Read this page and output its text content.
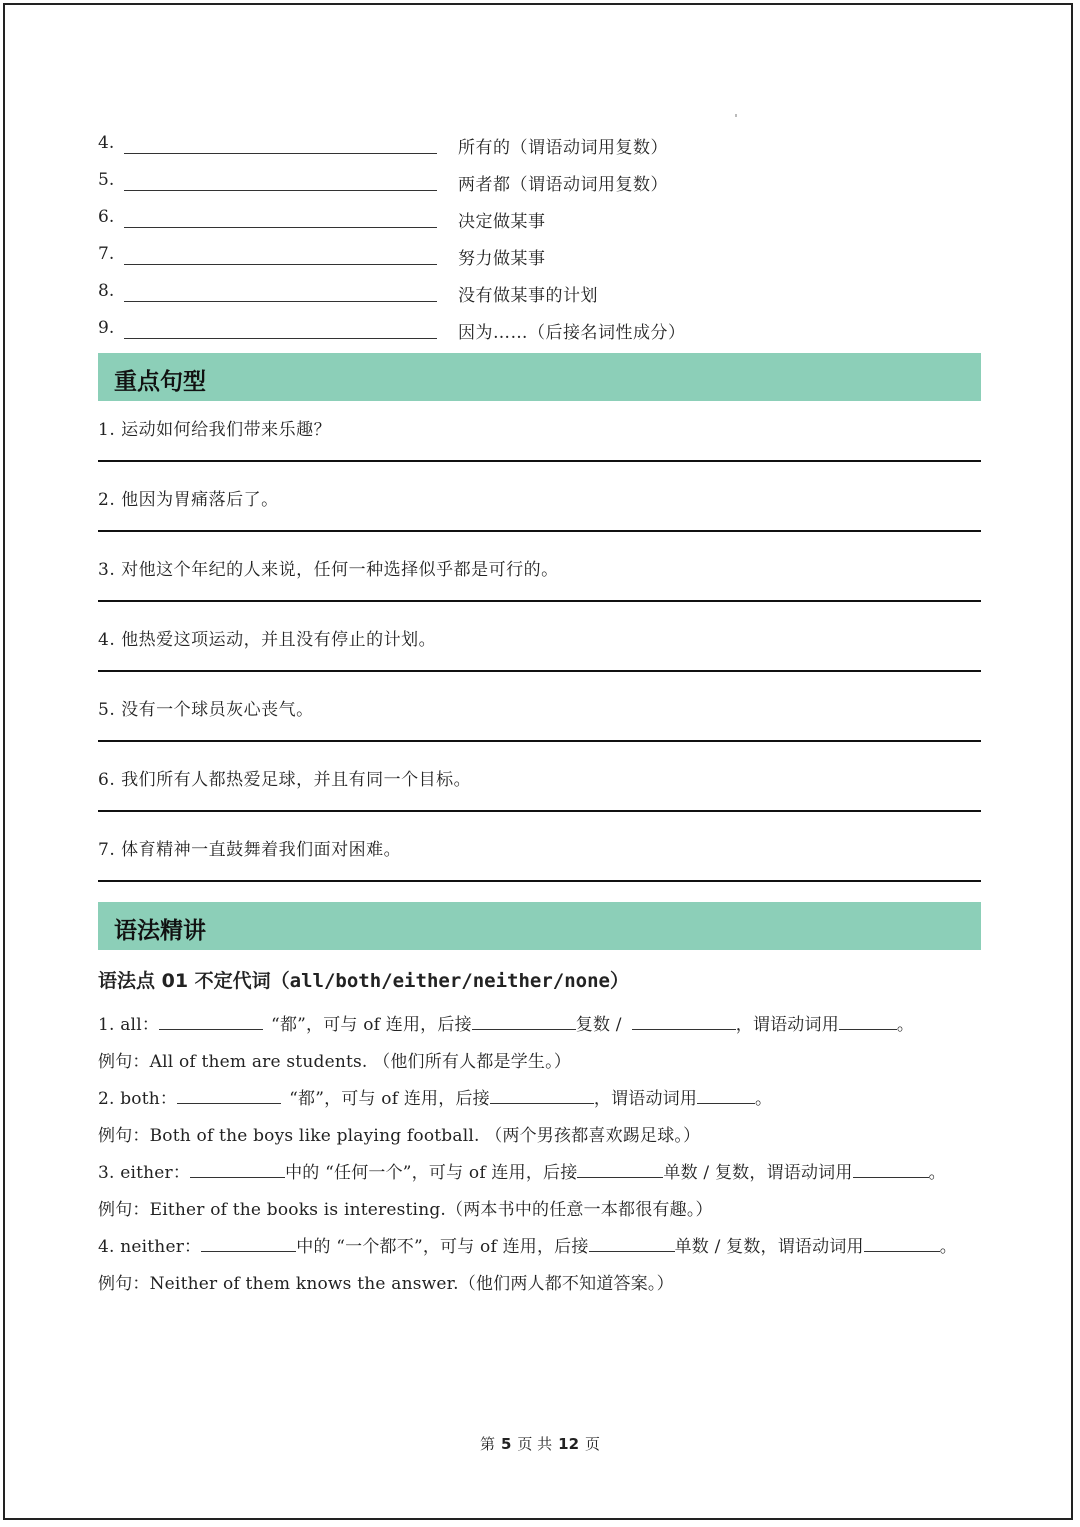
4.	所有的（谓语动词用复数）
5.	两者都（谓语动词用复数）
6.	决定做某事
7.	努力做某事
8.	没有做某事的计划
9.	因为……（后接名词性成分）
重点句型
1. 运动如何给我们带来乐趣？
2. 他因为胃痛落后了。
3. 对他这个年纪的人来说，任何一种选择似乎都是可行的。
4. 他热爱这项运动，并且没有停止的计划。
5. 没有一个球员灰心丧气。
6. 我们所有人都热爱足球，并且有同一个目标。
7. 体育精神一直鼓舞着我们面对困难。
语法精讲
语法点 01 不定代词（all/both/either/neither/none）
1. all：	“都”，可与 of 连用，后接	复数 /	，谓语动词用	。
例句：All of them are students. （他们所有人都是学生。）
2. both：	“都”，可与 of 连用，后接	，谓语动词用	。
例句：Both of the boys like playing football. （两个男孩都喜欢踢足球。）
3. either：	中的 “任何一个”，可与 of 连用，后接	单数 / 复数，谓语动词用	。
例句：Either of the books is interesting.（两本书中的任意一本都很有趣。）
4. neither：	中的 “一个都不”，可与 of 连用，后接	单数 / 复数，谓语动词用	。
例句：Neither of them knows the answer.（他们两人都不知道答案。）
第 5 页 共 12 页
